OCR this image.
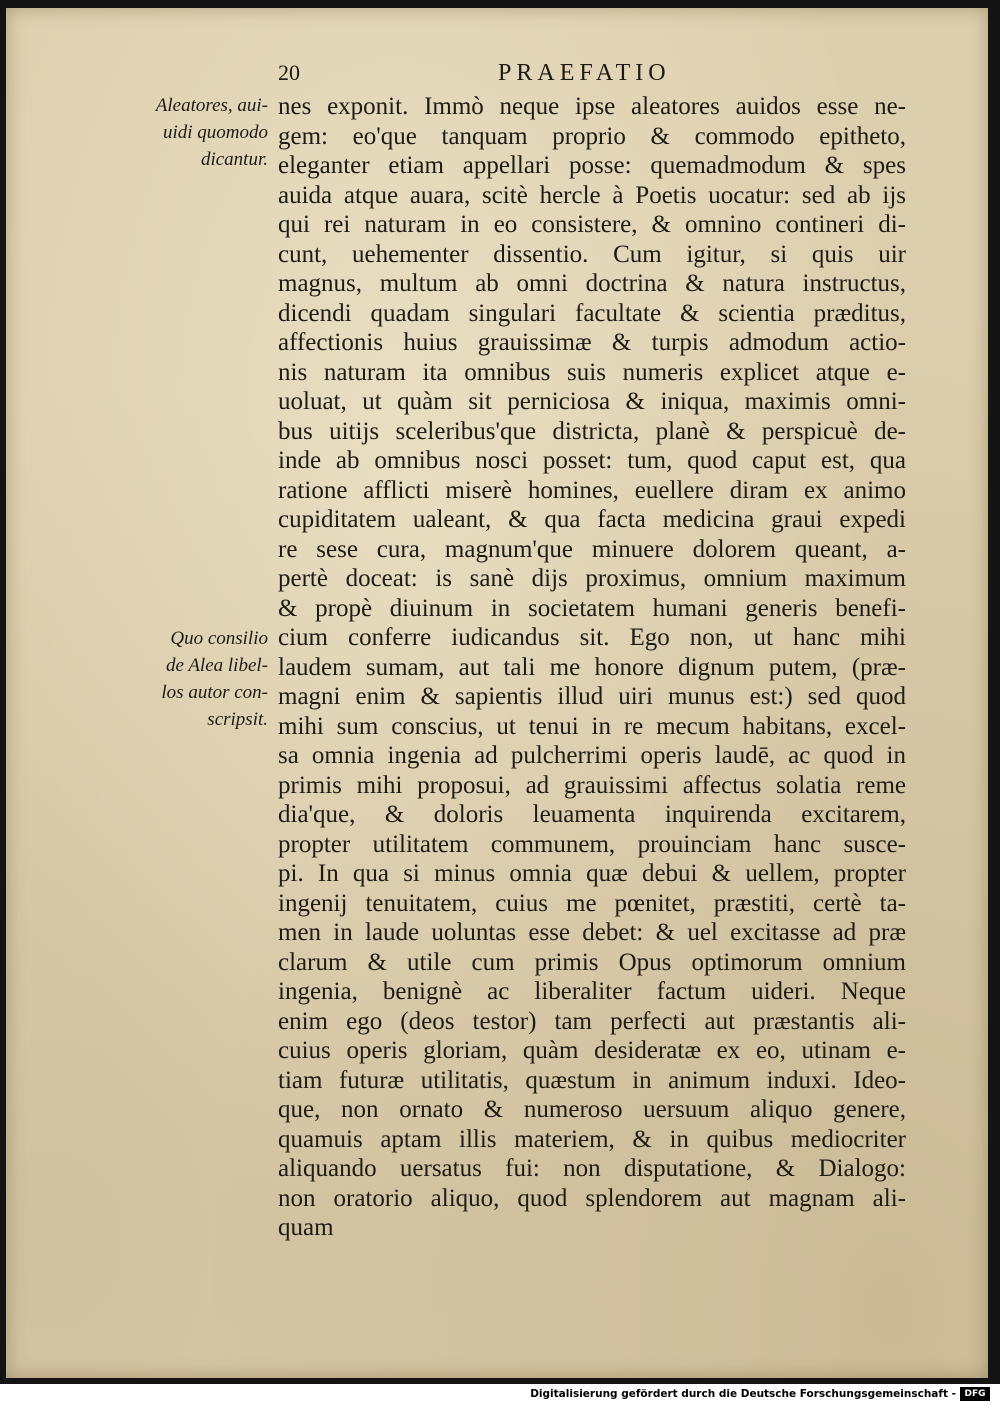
20	PRAEFATIO
Aleatores, aui-
uidi quomodo
dicantur.
Quo consilio
de Alea libel-
los autor con-
scripsit.
nes exponit. Immò neque ipse aleatores auidos esse ne-
gem: eo'que tanquam proprio & commodo epitheto,
eleganter etiam appellari posse: quemadmodum & spes
auida atque auara, scitè hercle à Poetis uocatur: sed ab ijs
qui rei naturam in eo consistere, & omnino contineri di-
cunt, uehementer dissentio. Cum igitur, si quis uir
magnus, multum ab omni doctrina & natura instructus,
dicendi quadam singulari facultate & scientia præditus,
affectionis huius grauissimæ & turpis admodum actio-
nis naturam ita omnibus suis numeris explicet atque e-
uoluat, ut quàm sit perniciosa & iniqua, maximis omni-
bus uitijs sceleribus'que districta, planè & perspicuè de-
inde ab omnibus nosci posset: tum, quod caput est, qua
ratione afflicti miserè homines, euellere diram ex animo
cupiditatem ualeant, & qua facta medicina graui expedi
re sese cura, magnum'que minuere dolorem queant, a-
pertè doceat: is sanè dijs proximus, omnium maximum
& propè diuinum in societatem humani generis benefi-
cium conferre iudicandus sit. Ego non, ut hanc mihi
laudem sumam, aut tali me honore dignum putem, (præ-
magni enim & sapientis illud uiri munus est:) sed quod
mihi sum conscius, ut tenui in re mecum habitans, excel-
sa omnia ingenia ad pulcherrimi operis laudē, ac quod in
primis mihi proposui, ad grauissimi affectus solatia reme
dia'que, & doloris leuamenta inquirenda excitarem,
propter utilitatem communem, prouinciam hanc susce-
pi. In qua si minus omnia quæ debui & uellem, propter
ingenij tenuitatem, cuius me pœnitet, præstiti, certè ta-
men in laude uoluntas esse debet: & uel excitasse ad præ
clarum & utile cum primis Opus optimorum omnium
ingenia, benignè ac liberaliter factum uideri. Neque
enim ego (deos testor) tam perfecti aut præstantis ali-
cuius operis gloriam, quàm desideratæ ex eo, utinam e-
tiam futuræ utilitatis, quæstum in animum induxi. Ideo-
que, non ornato & numeroso uersuum aliquo genere,
quamuis aptam illis materiem, & in quibus mediocriter
aliquando uersatus fui: non disputatione, & Dialogo:
non oratorio aliquo, quod splendorem aut magnam ali-
quam
Digitalisierung gefördert durch die Deutsche Forschungsgemeinschaft - DFG
